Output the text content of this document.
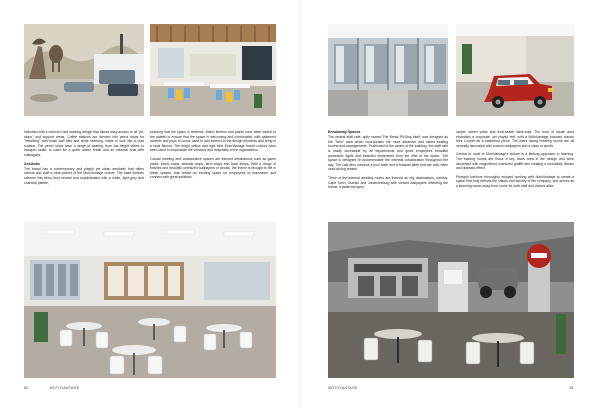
indicated with a chevron road marking design that allows easy access to all "pit-stops" and support areas. Coffee stations are themed into petrol stops for "refuelling" with black wall tiles and white shelving, made to look like a road surface. The petrol stops have a range of seating, from bar-height tables to banquet seats, to cater for a quick coffee break and an informal chat with colleagues.

Aesthetic

The brand has a contemporary and playful yet clean aesthetic that offers visitors and staff a clear picture of the MotoVantage culture. The base finishes scheme has been kept neutral and sophisticated with a white, light grey and charcoal palette,

ensuring that the space is timeless. Warm timbers and plants have been added to the palette to ensure that the space is welcoming and comfortable, with patterned accents and pops of colour used to add interest to the design elements and bring in a local flavour. The bright yellow and light blue MotoVantage brand colours have been used to emphasise the vibrancy and hospitality of the organisation.

Casual meeting and collaborative spaces are themed destinations such as game parks, picnic stops, seaside stops, farm stops and local shops. With a range of finishes and beautiful oversized wallpapers or decals, the theme is brought to life in these spaces, that create an exciting space for employees to brainstorm and connect with great solutions.

80	MOTOVANTAGE
Breakaway Spaces

The central staff café, aptly named The Break Pit-Stop itself, was designed as the "hero" area which incorporates the more attractive and varied seating booths and arrangements. Positioned in the centre of the building, the staff café is easily accessible by all departments and gives employees beautiful panoramic lights and beautiful timberwork from the vibe of the space. The space is designed to accommodate the informal collaboration throughout the day. The café also contains a pool table and a foosball table that are both often used during breaks.

Three of the internal meeting rooms are themed as city destinations, namely; Cape Town, Durban and Johannesburg with vibrant wallpapers reflecting the theme, a patterned grey

carpet, seven sofas and dual-seater table-tops. The front of house area embodies a corporate, yet playful feel, with a MotoVantage branded classic Mini Cooper as a statement piece. The client facing meeting rooms are all neutrally decorated with custom wallpapers and a class or sports.

Central to most of MotoVantage's culture is a lifelong approach to learning. The training rooms are those a key focus area in the design and were decorated with magnificent oversized graffiti arts creating a beautifully vibrant and dramatic effect.

Peregrin Interiors thoroughly enjoyed working with MotoVantage to create a space that truly reflects the values and identity of the company, and serves as a stunning home-away-from-home for both staff and visitors alike.

MOTOVANTAGE	81
